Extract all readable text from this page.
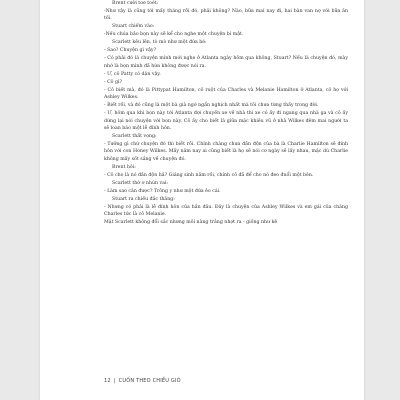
Brent cười toe toét:

-Như vậy là cũng tới mấy tháng rồi đó, phải không? Nào, bữa mai nay đi, hai bàn van nợ với bữa ăn tối.

Stuart chiếm vào:

-Nếu chúa bảo bọn này sẽ kể cho nghe một chuyện bí mật.

Scarlett kêu lên, tò mò như một đứa bé:

- Sao? Chuyện gì vậy?

- Có phải đó là chuyện mình mới nghe ở Atlanta ngày hôm qua không, Stuart? Nếu là chuyện đó, mày nhớ là bọn mình đã hứa không được nói ra.

- Ư, cô Patty có dặn vậy.

- Cô gì?

- Cô biết mà, đó là Pittypat Hamilton, cô ruột của Charles và Melanie Hamilton ở Atlanta, cô họ với Ashley Wilkes.

- Biết rồi, và đó cũng là một bà già ngớ ngẩn nghịch nhất mà tôi chưa từng thấy trong đời.

- Ư, hôm qua khi bọn này tới Atlanta đợi chuyến xe về nhà thì xe có ấy đi ngang qua nhà ga và cô ấy dừng lại nói chuyện với bọn này. Cô ấy cho biết là giữa mặc khiêu vũ ở nhà Wilkes đêm mai người ta sẽ loan báo một lễ đính hôn.

Scarlett thất vọng:

- Tưởng gì chứ chuyện đó thì biết rồi. Chính chàng chưa đần độn của bà là Charlie Hamilton sẽ đính hôn với con Honey Wilkes. Mấy năm nay ai cũng biết là họ sẽ nói cơ ngày sẽ lấy nhau, mặc dù Charlie không mấy sốt sắng về chuyện đó.

Brent hỏi:

- Cô cho là nó đần độn hả? Giáng sinh năm rồi, chính cô đã để cho nó đeo đuổi một bên.

Scarlett thờ ơ nhún vai:

- Làm sao cản được? Trông y như một đứa ẻo cái.

Stuart ra chiều đắc thắng:

- Nhưng có phải là lễ đính hôn của hắn đâu. Đây là chuyện của Ashley Wilkes và em gái của chàng Charles tức là cô Melanie.

Mặt Scarlett không đổi sắc nhưng môi nàng trắng nhợt ra - giống như kẻ

12 | CUỐN THEO CHIỀU GIÓ
